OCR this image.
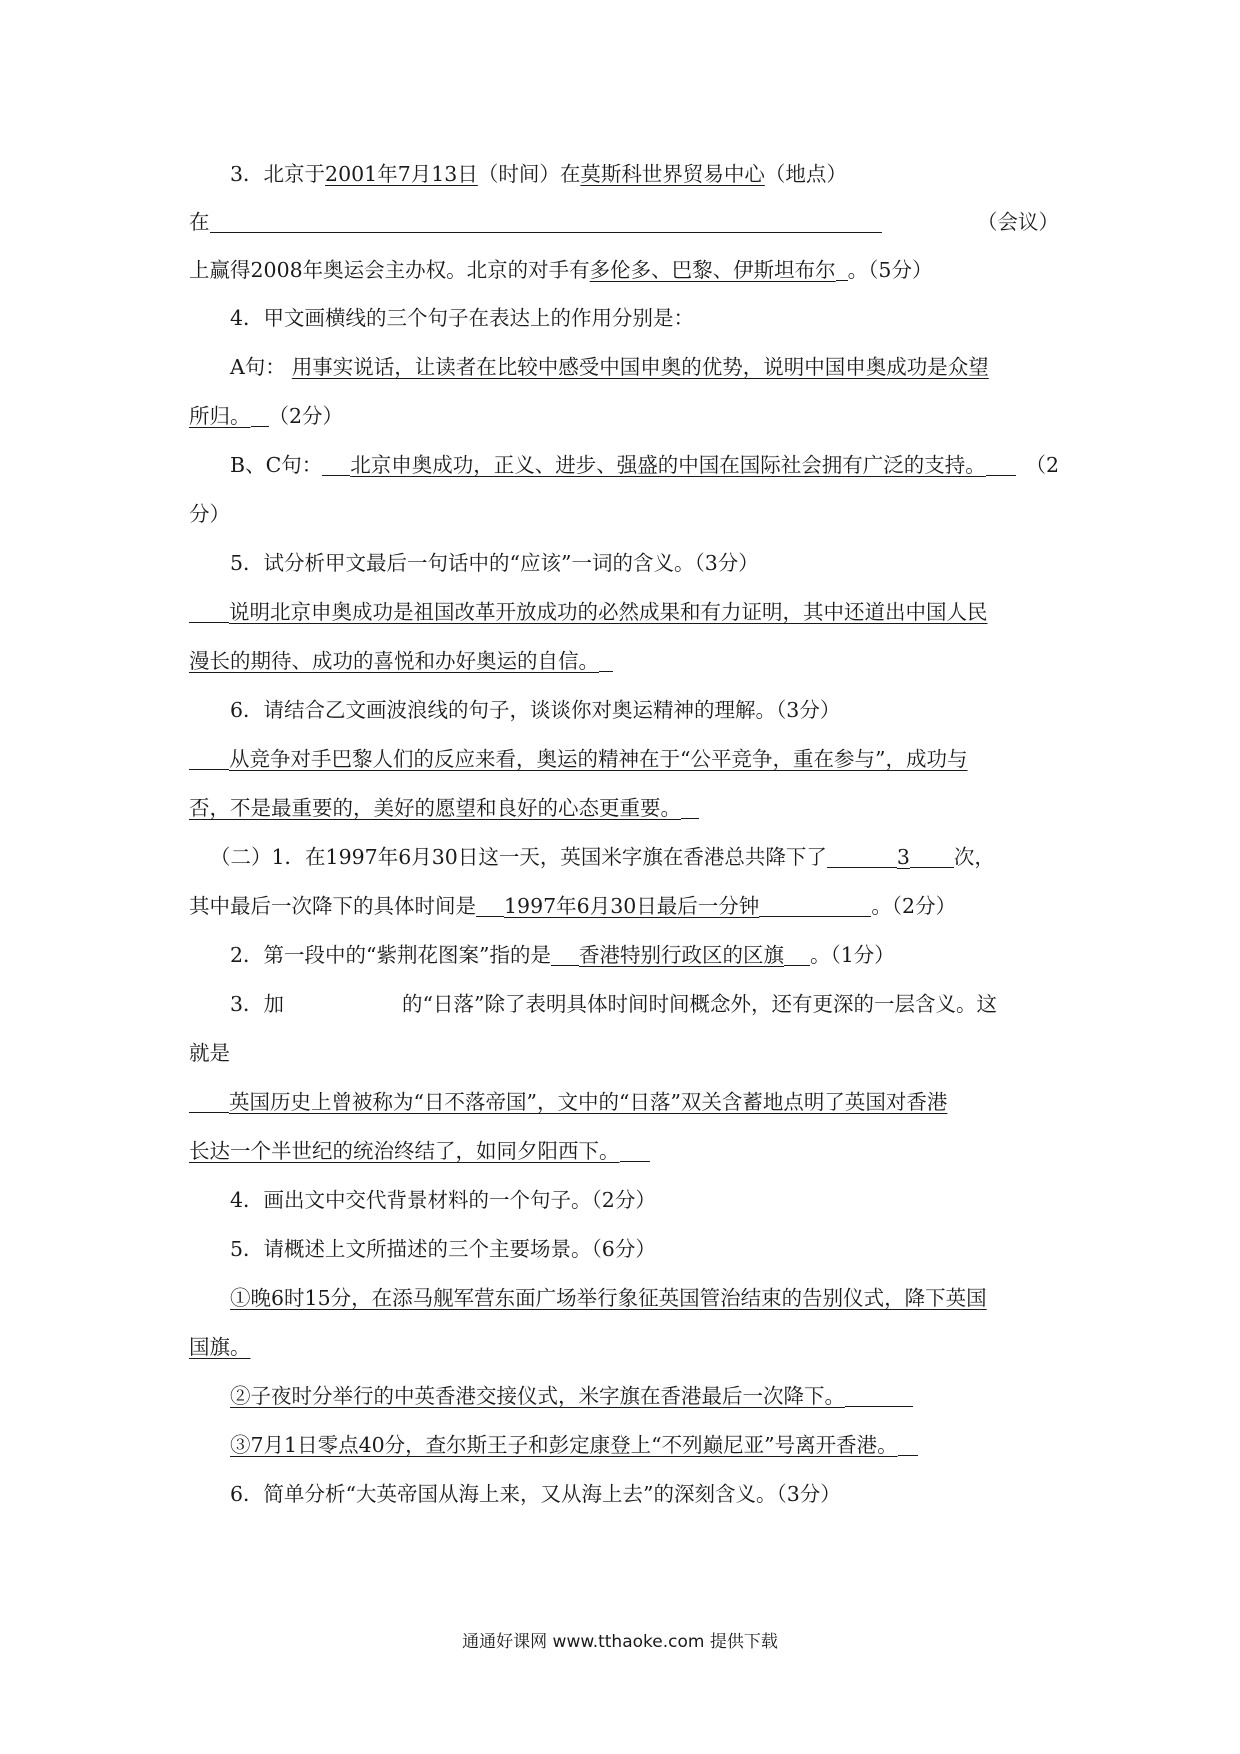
3．北京于2001年7月13日（时间）在莫斯科世界贸易中心（地点）
在	（会议）
上赢得2008年奥运会主办权。北京的对手有多伦多、巴黎、伊斯坦布尔 。（5分）
4．甲文画横线的三个句子在表达上的作用分别是：
A句： 用事实说话，让读者在比较中感受中国申奥的优势，说明中国申奥成功是众望
所归。 （2分）
B、C句： 北京申奥成功，正义、进步、强盛的中国在国际社会拥有广泛的支持。 （2
分）
5．试分析甲文最后一句话中的“应该”一词的含义。（3分）
说明北京申奥成功是祖国改革开放成功的必然成果和有力证明，其中还道出中国人民
漫长的期待、成功的喜悦和办好奥运的自信。
6．请结合乙文画波浪线的句子，谈谈你对奥运精神的理解。（3分）
从竞争对手巴黎人们的反应来看，奥运的精神在于“公平竞争，重在参与”，成功与
否，不是最重要的，美好的愿望和良好的心态更重要。
（二）1．在1997年6月30日这一天，英国米字旗在香港总共降下了	3 次，
其中最后一次降下的具体时间是 1997年6月30日最后一分钟	。（2分）
2．第一段中的“紫荆花图案”指的是 香港特别行政区的区旗 。（1分）
3．加	的“日落”除了表明具体时间时间概念外，还有更深的一层含义。这
就是
英国历史上曾被称为“日不落帝国”，文中的“日落”双关含蓄地点明了英国对香港
长达一个半世纪的统治终结了，如同夕阳西下。
4．画出文中交代背景材料的一个句子。（2分）
5．请概述上文所描述的三个主要场景。（6分）
①晚6时15分，在添马舰军营东面广场举行象征英国管治结束的告别仪式，降下英国
国旗。
②子夜时分举行的中英香港交接仪式，米字旗在香港最后一次降下。
③7月1日零点40分，查尔斯王子和彭定康登上“不列巅尼亚”号离开香港。
6．简单分析“大英帝国从海上来，又从海上去”的深刻含义。（3分）
通通好课网 www.tthaoke.com 提供下载
